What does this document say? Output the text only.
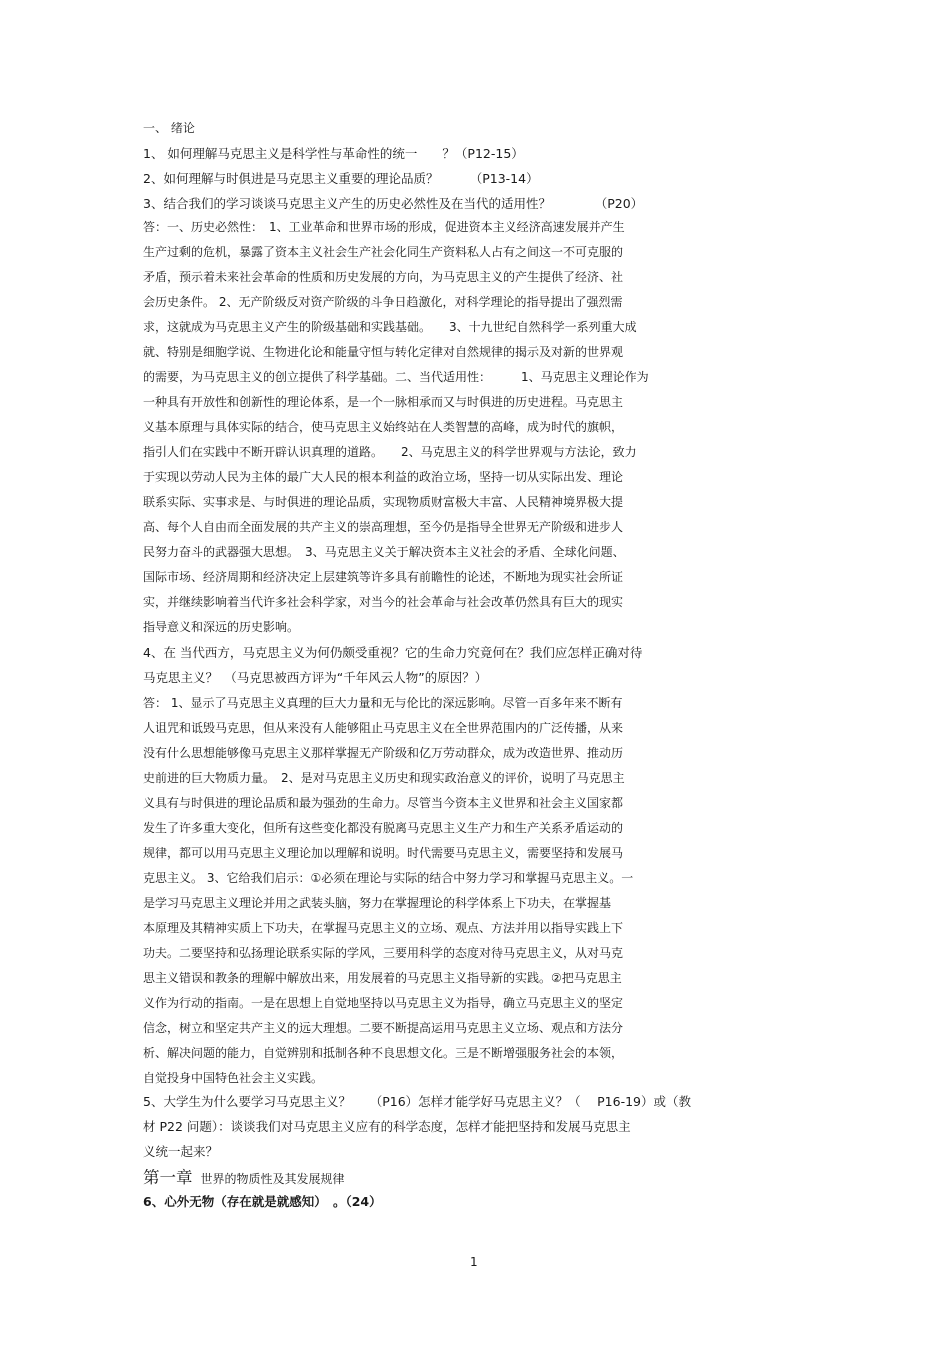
一、 绪论

1、 如何理解马克思主义是科学性与革命性的统一　　？（P12-15）

2、如何理解与时俱进是马克思主义重要的理论品质？　　　（P13-14）

3、结合我们的学习谈谈马克思主义产生的历史必然性及在当代的适用性？　　　　（P20）

答：一、历史必然性：　1、工业革命和世界市场的形成，促进资本主义经济高速发展并产生

生产过剩的危机，暴露了资本主义社会生产社会化同生产资料私人占有之间这一不可克服的

矛盾，预示着未来社会革命的性质和历史发展的方向，为马克思主义的产生提供了经济、社

会历史条件。 2、无产阶级反对资产阶级的斗争日趋激化，对科学理论的指导提出了强烈需

求，这就成为马克思主义产生的阶级基础和实践基础。　　3、十九世纪自然科学一系列重大成

就、特别是细胞学说、生物进化论和能量守恒与转化定律对自然规律的揭示及对新的世界观

的需要，为马克思主义的创立提供了科学基础。二、当代适用性：　　　1、马克思主义理论作为

一种具有开放性和创新性的理论体系，是一个一脉相承而又与时俱进的历史进程。马克思主

义基本原理与具体实际的结合，使马克思主义始终站在人类智慧的高峰，成为时代的旗帜，

指引人们在实践中不断开辟认识真理的道路。　　2、马克思主义的科学世界观与方法论，致力

于实现以劳动人民为主体的最广大人民的根本利益的政治立场，坚持一切从实际出发、理论

联系实际、实事求是、与时俱进的理论品质，实现物质财富极大丰富、人民精神境界极大提

高、每个人自由而全面发展的共产主义的崇高理想，至今仍是指导全世界无产阶级和进步人

民努力奋斗的武器强大思想。　3、马克思主义关于解决资本主义社会的矛盾、全球化问题、

国际市场、经济周期和经济决定上层建筑等许多具有前瞻性的论述，不断地为现实社会所证

实，并继续影响着当代许多社会科学家，对当今的社会革命与社会改革仍然具有巨大的现实

指导意义和深远的历史影响。

4、在 当代西方，马克思主义为何仍颇受重视？它的生命力究竟何在？我们应怎样正确对待

马克思主义？　（马克思被西方评为“千年风云人物”的原因？）

答： 1、显示了马克思主义真理的巨大力量和无与伦比的深远影响。尽管一百多年来不断有

人诅咒和诋毁马克思，但从来没有人能够阻止马克思主义在全世界范围内的广泛传播，从来

没有什么思想能够像马克思主义那样掌握无产阶级和亿万劳动群众，成为改造世界、推动历

史前进的巨大物质力量。　2、是对马克思主义历史和现实政治意义的评价，说明了马克思主

义具有与时俱进的理论品质和最为强劲的生命力。尽管当今资本主义世界和社会主义国家都

发生了许多重大变化，但所有这些变化都没有脱离马克思主义生产力和生产关系矛盾运动的

规律，都可以用马克思主义理论加以理解和说明。时代需要马克思主义，需要坚持和发展马

克思主义。 3、它给我们启示：①必须在理论与实际的结合中努力学习和掌握马克思主义。一

是学习马克思主义理论并用之武装头脑，努力在掌握理论的科学体系上下功夫，在掌握基

本原理及其精神实质上下功夫，在掌握马克思主义的立场、观点、方法并用以指导实践上下

功夫。二要坚持和弘扬理论联系实际的学风，三要用科学的态度对待马克思主义，从对马克

思主义错误和教条的理解中解放出来，用发展着的马克思主义指导新的实践。②把马克思主

义作为行动的指南。一是在思想上自觉地坚持以马克思主义为指导，确立马克思主义的坚定

信念，树立和坚定共产主义的远大理想。二要不断提高运用马克思主义立场、观点和方法分

析、解决问题的能力，自觉辨别和抵制各种不良思想文化。三是不断增强服务社会的本领，

自觉投身中国特色社会主义实践。

5、大学生为什么要学习马克思主义？　　（P16）怎样才能学好马克思主义？（　 P16-19）或（教

材 P22 问题）：谈谈我们对马克思主义应有的科学态度，怎样才能把坚持和发展马克思主

义统一起来？

第一章 世界的物质性及其发展规律

6、心外无物（存在就是就感知）　。（24）

1
